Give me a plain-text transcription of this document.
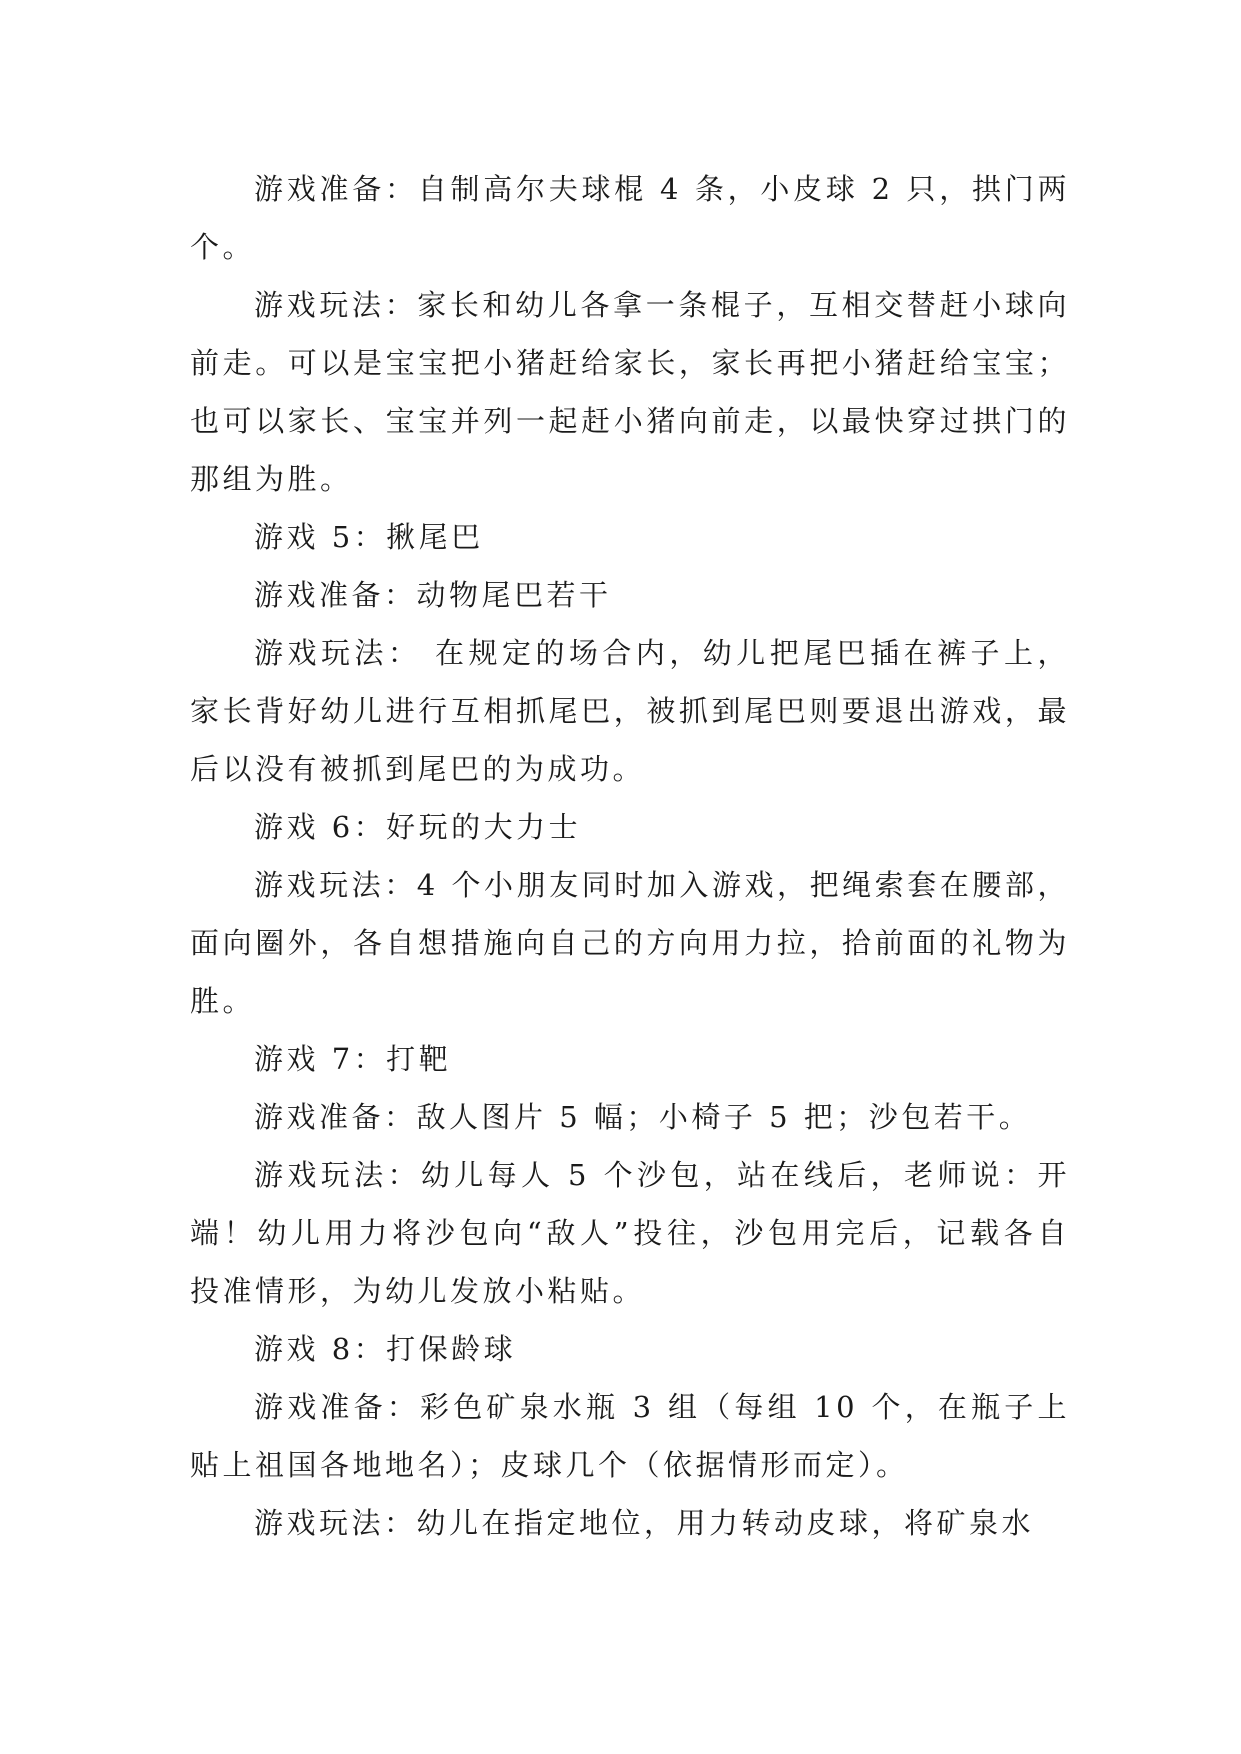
游戏准备：自制高尔夫球棍 4 条，小皮球 2 只，拱门两个。

游戏玩法：家长和幼儿各拿一条棍子，互相交替赶小球向前走。可以是宝宝把小猪赶给家长，家长再把小猪赶给宝宝；也可以家长、宝宝并列一起赶小猪向前走，以最快穿过拱门的那组为胜。

游戏 5：揪尾巴

游戏准备：动物尾巴若干

游戏玩法： 在规定的场合内，幼儿把尾巴插在裤子上，家长背好幼儿进行互相抓尾巴，被抓到尾巴则要退出游戏，最后以没有被抓到尾巴的为成功。

游戏 6：好玩的大力士

游戏玩法：4 个小朋友同时加入游戏，把绳索套在腰部，面向圈外，各自想措施向自己的方向用力拉，拾前面的礼物为胜。

游戏 7：打靶

游戏准备：敌人图片 5 幅；小椅子 5 把；沙包若干。

游戏玩法：幼儿每人 5 个沙包，站在线后，老师说：开端！幼儿用力将沙包向“敌人”投往，沙包用完后，记载各自投准情形，为幼儿发放小粘贴。

游戏 8：打保龄球

游戏准备：彩色矿泉水瓶 3 组（每组 10 个，在瓶子上贴上祖国各地地名）；皮球几个（依据情形而定）。

游戏玩法：幼儿在指定地位，用力转动皮球，将矿泉水
